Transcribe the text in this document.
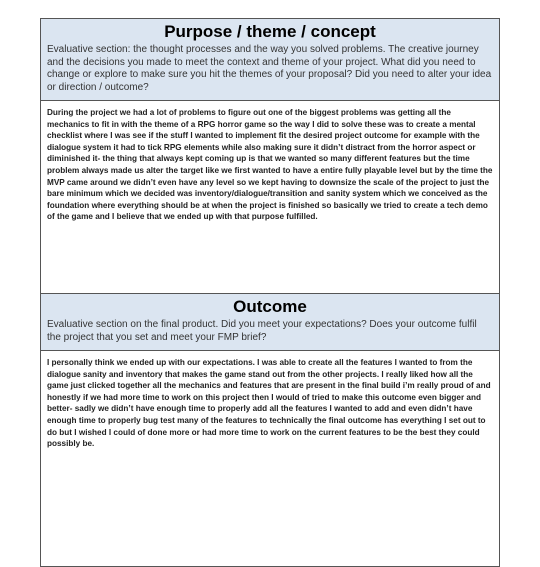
Purpose / theme / concept

Evaluative section: the thought processes and the way you solved problems. The creative journey and the decisions you made to meet the context and theme of your project. What did you need to change or explore to make sure you hit the themes of your proposal? Did you need to alter your idea or direction / outcome?

During the project we had a lot of problems to figure out one of the biggest problems was getting all the mechanics to fit in with the theme of a RPG horror game so the way I did to solve these was to create a mental checklist where I was see if the stuff I wanted to implement fit the desired project outcome for example with the dialogue system it had to tick RPG elements while also making sure it didn’t distract from the horror aspect or diminished it- the thing that always kept coming up is that we wanted so many different features but the time problem always made us alter the target like we first wanted to have a entire fully playable level but by the time the MVP came around we didn’t even have any level so we kept having to downsize the scale of the project to just the bare minimum which we decided was inventory/dialogue/transition and sanity system which we conceived as the foundation where everything should be at when the project is finished so basically we tried to create a tech demo of the game and I believe that we ended up with that purpose fulfilled.

Outcome

Evaluative section on the final product. Did you meet your expectations? Does your outcome fulfil the project that you set and meet your FMP brief?

I personally think we ended up with our expectations. I was able to create all the features I wanted to from the dialogue sanity and inventory that makes the game stand out from the other projects. I really liked how all the game just clicked together all the mechanics and features that are present in the final build i’m really proud of and honestly if we had more time to work on this project then I would of tried to make this outcome even bigger and better- sadly we didn’t have enough time to properly add all the features I wanted to add and even didn’t have enough time to properly bug test many of the features to technically the final outcome has everything I set out to do but I wished I could of done more or had more time to work on the current features to be the best they could possibly be.
